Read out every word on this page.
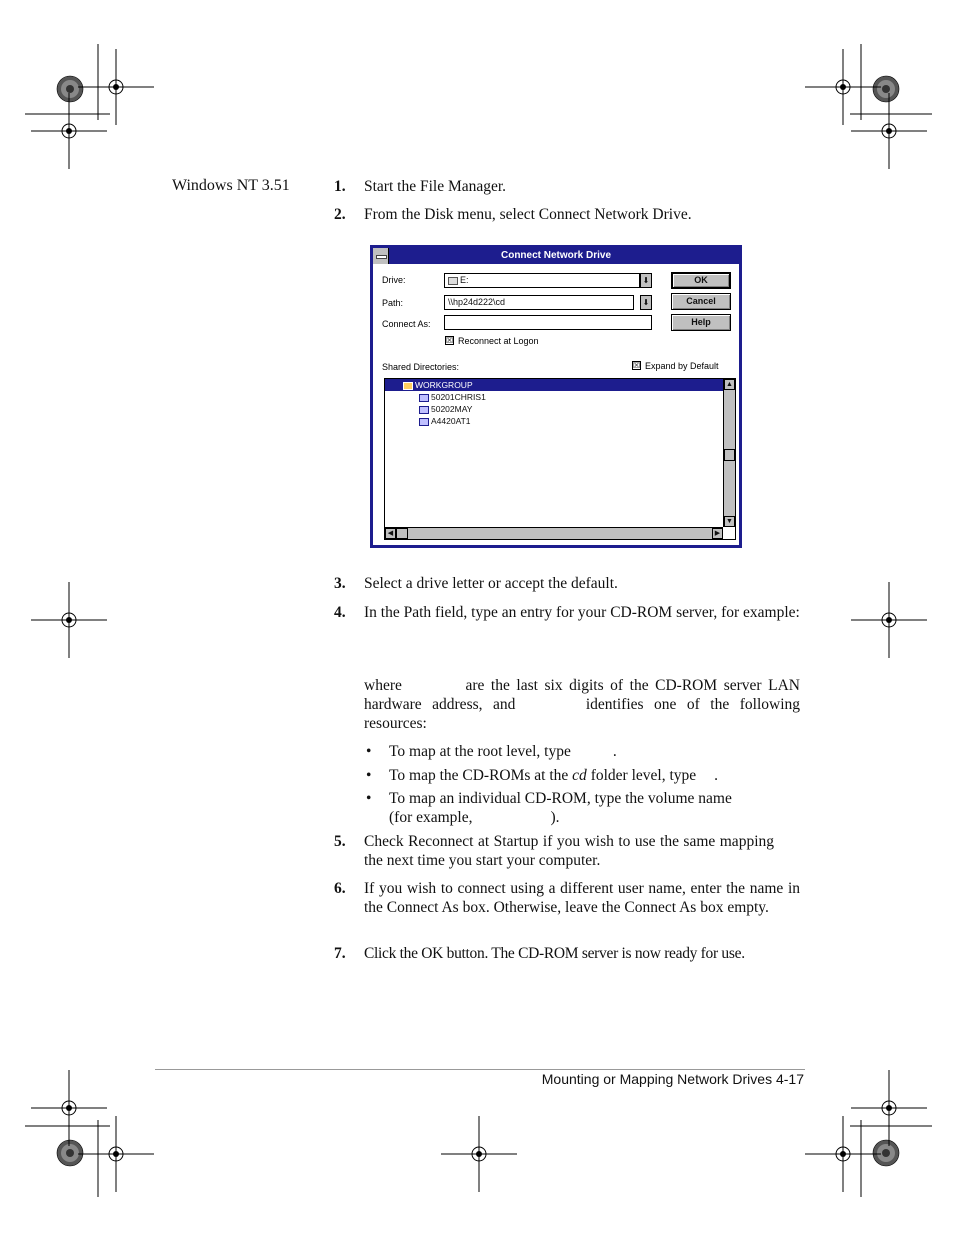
Windows NT 3.51	1. Start the File Manager.
2. From the Disk menu, select Connect Network Drive.
Connect Network Drive
Drive:	E:	⬇
Path:	\\hp24d222\cd	⬇
Connect As:
☒ Reconnect at Logon
Shared Directories:	☒ Expand by Default
OK
Cancel
Help
WORKGROUP
50201CHRIS1
50202MAY
A4420AT1
▲
▼
◀	▶
3. Select a drive letter or accept the default.
4. In the Path field, type an entry for your CD-ROM server, for example:
where	are the last six digits of the CD-ROM server LAN hardware address, and	identifies one of the following resources:
• To map at the root level, type	.
• To map the CD-ROMs at the cd folder level, type .
• To map an individual CD-ROM, type the volume name
(for example,	).
5. Check Reconnect at Startup if you wish to use the same mapping the next time you start your computer.
6. If you wish to connect using a different user name, enter the name in the Connect As box. Otherwise, leave the Connect As box empty.
7. Click the OK button. The CD-ROM server is now ready for use.
Mounting or Mapping Network Drives 4-17
